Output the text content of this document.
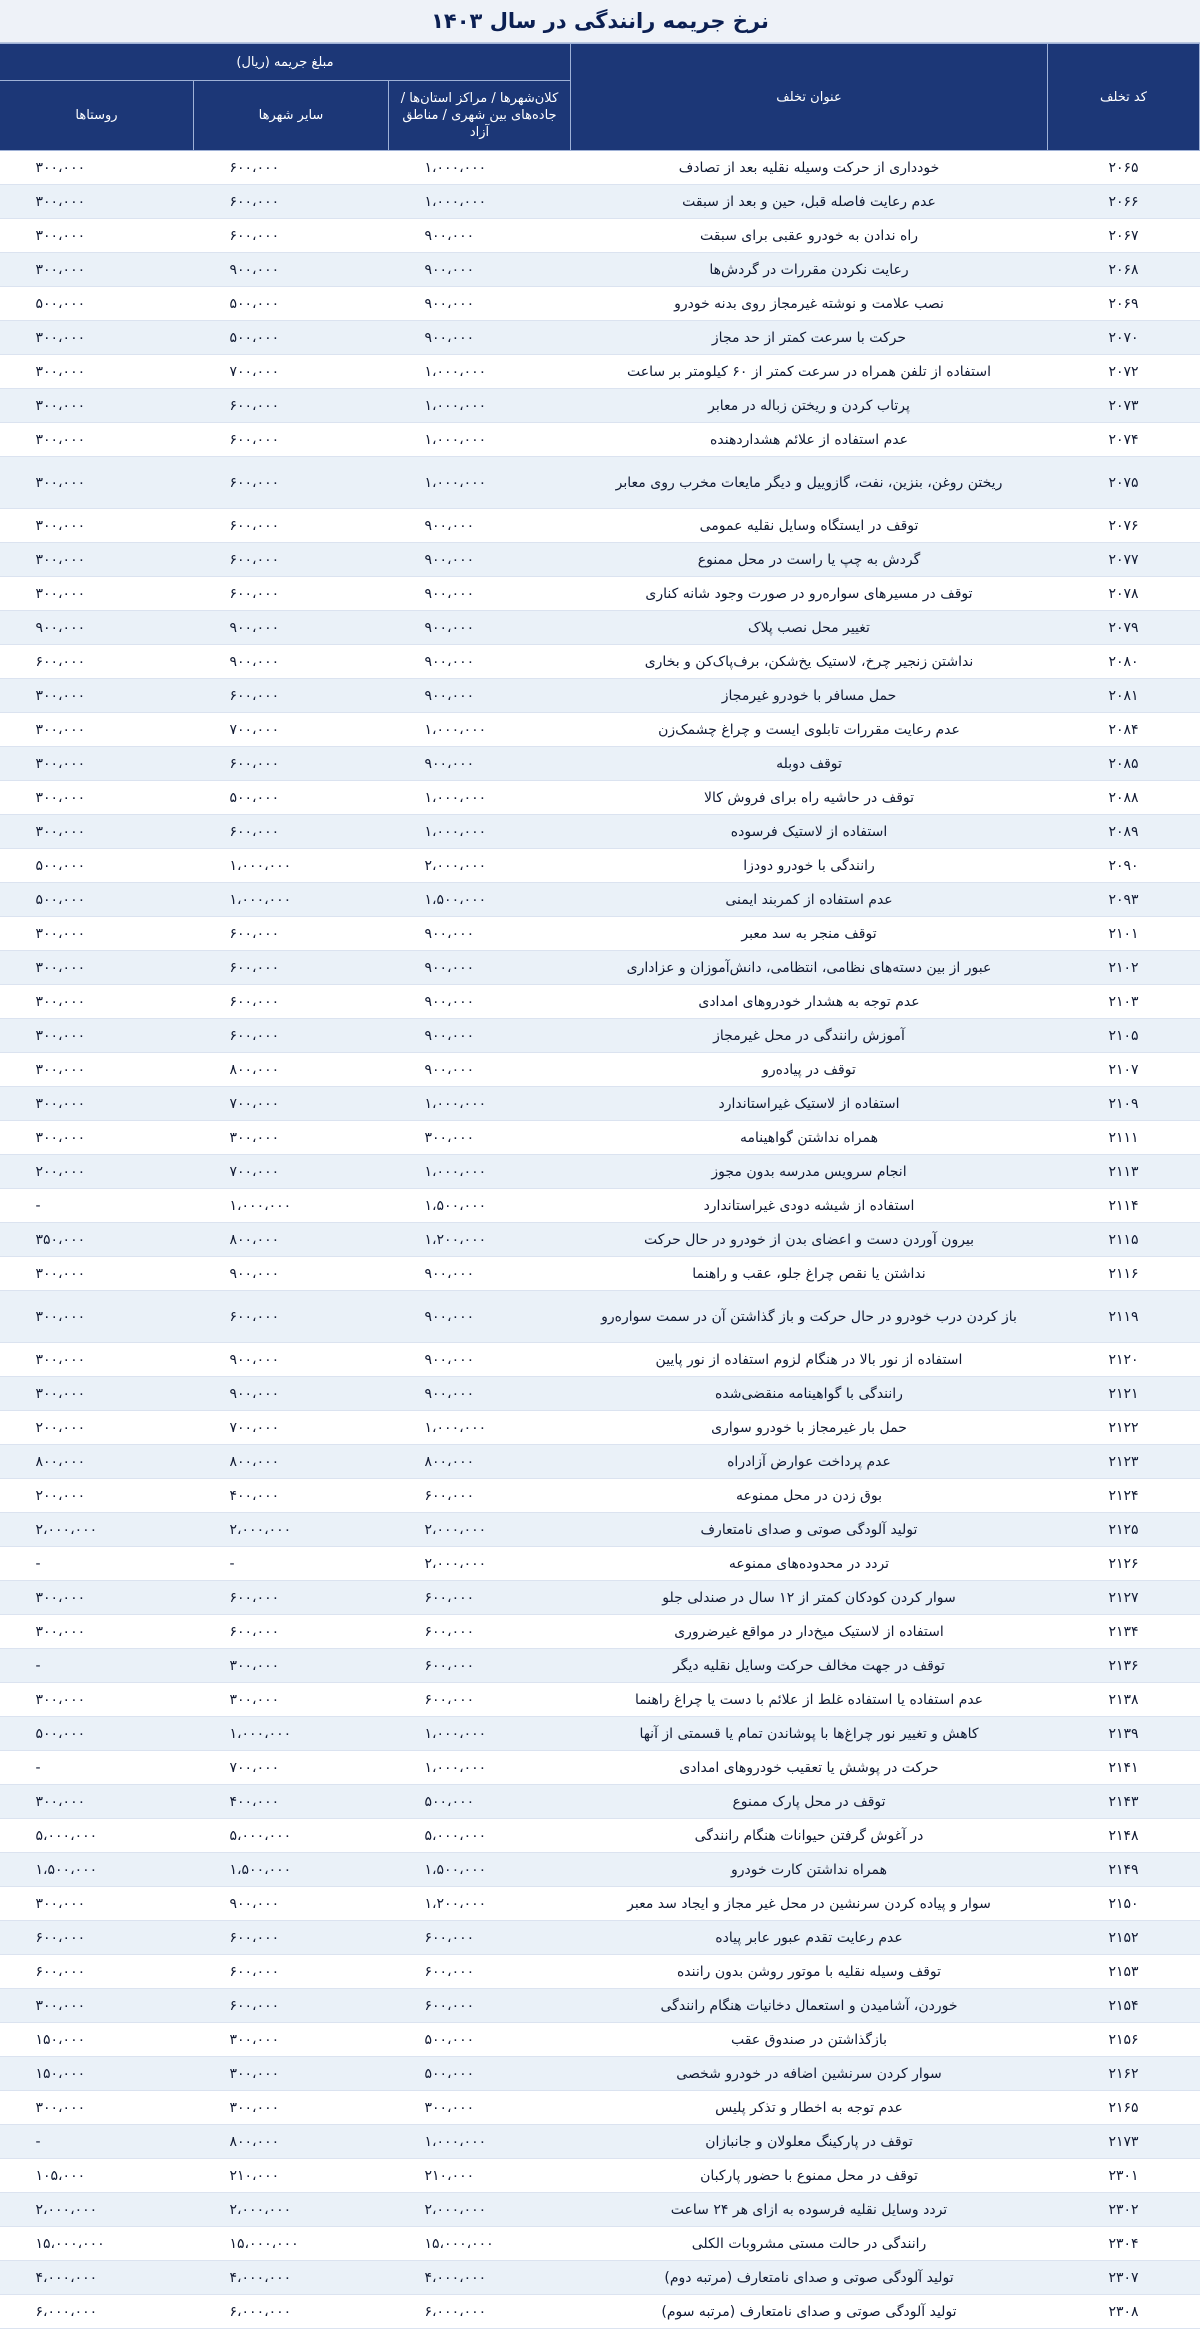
نرخ جریمه رانندگی در سال ۱۴۰۳
کد تخلف	عنوان تخلف	مبلغ جریمه (ریال)		
		کلان‌شهرها / مراکز استان‌ها / جاده‌های بین شهری / مناطق آزاد	سایر شهرها	روستاها
۲۰۶۵	خودداری از حرکت وسیله نقلیه بعد از تصادف	۱،۰۰۰،۰۰۰	۶۰۰،۰۰۰	۳۰۰،۰۰۰
۲۰۶۶	عدم رعایت فاصله قبل، حین و بعد از سبقت	۱،۰۰۰،۰۰۰	۶۰۰،۰۰۰	۳۰۰،۰۰۰
۲۰۶۷	راه ندادن به خودرو عقبی برای سبقت	۹۰۰،۰۰۰	۶۰۰،۰۰۰	۳۰۰،۰۰۰
۲۰۶۸	رعایت نکردن مقررات در گردش‌ها	۹۰۰،۰۰۰	۹۰۰،۰۰۰	۳۰۰،۰۰۰
۲۰۶۹	نصب علامت و نوشته غیرمجاز روی بدنه خودرو	۹۰۰،۰۰۰	۵۰۰،۰۰۰	۵۰۰،۰۰۰
۲۰۷۰	حرکت با سرعت کمتر از حد مجاز	۹۰۰،۰۰۰	۵۰۰،۰۰۰	۳۰۰،۰۰۰
۲۰۷۲	استفاده از تلفن همراه در سرعت کمتر از ۶۰ کیلومتر بر ساعت	۱،۰۰۰،۰۰۰	۷۰۰،۰۰۰	۳۰۰،۰۰۰
۲۰۷۳	پرتاب کردن و ریختن زباله در معابر	۱،۰۰۰،۰۰۰	۶۰۰،۰۰۰	۳۰۰،۰۰۰
۲۰۷۴	عدم استفاده از علائم هشداردهنده	۱،۰۰۰،۰۰۰	۶۰۰،۰۰۰	۳۰۰،۰۰۰
۲۰۷۵	ریختن روغن، بنزین، نفت، گازوییل و دیگر مایعات مخرب روی معابر	۱،۰۰۰،۰۰۰	۶۰۰،۰۰۰	۳۰۰،۰۰۰
۲۰۷۶	توقف در ایستگاه وسایل نقلیه عمومی	۹۰۰،۰۰۰	۶۰۰،۰۰۰	۳۰۰،۰۰۰
۲۰۷۷	گردش به چپ یا راست در محل ممنوع	۹۰۰،۰۰۰	۶۰۰،۰۰۰	۳۰۰،۰۰۰
۲۰۷۸	توقف در مسیرهای سواره‌رو در صورت وجود شانه کناری	۹۰۰،۰۰۰	۶۰۰،۰۰۰	۳۰۰،۰۰۰
۲۰۷۹	تغییر محل نصب پلاک	۹۰۰،۰۰۰	۹۰۰،۰۰۰	۹۰۰،۰۰۰
۲۰۸۰	نداشتن زنجیر چرخ، لاستیک یخ‌شکن، برف‌پاک‌کن و بخاری	۹۰۰،۰۰۰	۹۰۰،۰۰۰	۶۰۰،۰۰۰
۲۰۸۱	حمل مسافر با خودرو غیرمجاز	۹۰۰،۰۰۰	۶۰۰،۰۰۰	۳۰۰،۰۰۰
۲۰۸۴	عدم رعایت مقررات تابلوی ایست و چراغ چشمک‌زن	۱،۰۰۰،۰۰۰	۷۰۰،۰۰۰	۳۰۰،۰۰۰
۲۰۸۵	توقف دوبله	۹۰۰،۰۰۰	۶۰۰،۰۰۰	۳۰۰،۰۰۰
۲۰۸۸	توقف در حاشیه راه برای فروش کالا	۱،۰۰۰،۰۰۰	۵۰۰،۰۰۰	۳۰۰،۰۰۰
۲۰۸۹	استفاده از لاستیک فرسوده	۱،۰۰۰،۰۰۰	۶۰۰،۰۰۰	۳۰۰،۰۰۰
۲۰۹۰	رانندگی با خودرو دودزا	۲،۰۰۰،۰۰۰	۱،۰۰۰،۰۰۰	۵۰۰،۰۰۰
۲۰۹۳	عدم استفاده از کمربند ایمنی	۱،۵۰۰،۰۰۰	۱،۰۰۰،۰۰۰	۵۰۰،۰۰۰
۲۱۰۱	توقف منجر به سد معبر	۹۰۰،۰۰۰	۶۰۰،۰۰۰	۳۰۰،۰۰۰
۲۱۰۲	عبور از بین دسته‌های نظامی، انتظامی، دانش‌آموزان و عزاداری	۹۰۰،۰۰۰	۶۰۰،۰۰۰	۳۰۰،۰۰۰
۲۱۰۳	عدم توجه به هشدار خودروهای امدادی	۹۰۰،۰۰۰	۶۰۰،۰۰۰	۳۰۰،۰۰۰
۲۱۰۵	آموزش رانندگی در محل غیرمجاز	۹۰۰،۰۰۰	۶۰۰،۰۰۰	۳۰۰،۰۰۰
۲۱۰۷	توقف در پیاده‌رو	۹۰۰،۰۰۰	۸۰۰،۰۰۰	۳۰۰،۰۰۰
۲۱۰۹	استفاده از لاستیک غیراستاندارد	۱،۰۰۰،۰۰۰	۷۰۰،۰۰۰	۳۰۰،۰۰۰
۲۱۱۱	همراه نداشتن گواهینامه	۳۰۰،۰۰۰	۳۰۰،۰۰۰	۳۰۰،۰۰۰
۲۱۱۳	انجام سرویس مدرسه بدون مجوز	۱،۰۰۰،۰۰۰	۷۰۰،۰۰۰	۲۰۰،۰۰۰
۲۱۱۴	استفاده از شیشه دودی غیراستاندارد	۱،۵۰۰،۰۰۰	۱،۰۰۰،۰۰۰	-
۲۱۱۵	بیرون آوردن دست و اعضای بدن از خودرو در حال حرکت	۱،۲۰۰،۰۰۰	۸۰۰،۰۰۰	۳۵۰،۰۰۰
۲۱۱۶	نداشتن یا نقص چراغ جلو، عقب و راهنما	۹۰۰،۰۰۰	۹۰۰،۰۰۰	۳۰۰،۰۰۰
۲۱۱۹	باز کردن درب خودرو در حال حرکت و باز گذاشتن آن در سمت سواره‌رو	۹۰۰،۰۰۰	۶۰۰،۰۰۰	۳۰۰،۰۰۰
۲۱۲۰	استفاده از نور بالا در هنگام لزوم استفاده از نور پایین	۹۰۰،۰۰۰	۹۰۰،۰۰۰	۳۰۰،۰۰۰
۲۱۲۱	رانندگی با گواهینامه منقضی‌شده	۹۰۰،۰۰۰	۹۰۰،۰۰۰	۳۰۰،۰۰۰
۲۱۲۲	حمل بار غیرمجاز با خودرو سواری	۱،۰۰۰،۰۰۰	۷۰۰،۰۰۰	۲۰۰،۰۰۰
۲۱۲۳	عدم پرداخت عوارض آزادراه	۸۰۰،۰۰۰	۸۰۰،۰۰۰	۸۰۰،۰۰۰
۲۱۲۴	بوق زدن در محل ممنوعه	۶۰۰،۰۰۰	۴۰۰،۰۰۰	۲۰۰،۰۰۰
۲۱۲۵	تولید آلودگی صوتی و صدای نامتعارف	۲،۰۰۰،۰۰۰	۲،۰۰۰،۰۰۰	۲،۰۰۰،۰۰۰
۲۱۲۶	تردد در محدوده‌های ممنوعه	۲،۰۰۰،۰۰۰	-	-
۲۱۲۷	سوار کردن کودکان کمتر از ۱۲ سال در صندلی جلو	۶۰۰،۰۰۰	۶۰۰،۰۰۰	۳۰۰،۰۰۰
۲۱۳۴	استفاده از لاستیک میخ‌دار در مواقع غیرضروری	۶۰۰،۰۰۰	۶۰۰،۰۰۰	۳۰۰،۰۰۰
۲۱۳۶	توقف در جهت مخالف حرکت وسایل نقلیه دیگر	۶۰۰،۰۰۰	۳۰۰،۰۰۰	-
۲۱۳۸	عدم استفاده یا استفاده غلط از علائم با دست یا چراغ راهنما	۶۰۰،۰۰۰	۳۰۰،۰۰۰	۳۰۰،۰۰۰
۲۱۳۹	کاهش و تغییر نور چراغ‌ها با پوشاندن تمام یا قسمتی از آنها	۱،۰۰۰،۰۰۰	۱،۰۰۰،۰۰۰	۵۰۰،۰۰۰
۲۱۴۱	حرکت در پوشش یا تعقیب خودروهای امدادی	۱،۰۰۰،۰۰۰	۷۰۰،۰۰۰	-
۲۱۴۳	توقف در محل پارک ممنوع	۵۰۰،۰۰۰	۴۰۰،۰۰۰	۳۰۰،۰۰۰
۲۱۴۸	در آغوش گرفتن حیوانات هنگام رانندگی	۵،۰۰۰،۰۰۰	۵،۰۰۰،۰۰۰	۵،۰۰۰،۰۰۰
۲۱۴۹	همراه نداشتن کارت خودرو	۱،۵۰۰،۰۰۰	۱،۵۰۰،۰۰۰	۱،۵۰۰،۰۰۰
۲۱۵۰	سوار و پیاده کردن سرنشین در محل غیر مجاز و ایجاد سد معبر	۱،۲۰۰،۰۰۰	۹۰۰،۰۰۰	۳۰۰،۰۰۰
۲۱۵۲	عدم رعایت تقدم عبور عابر پیاده	۶۰۰،۰۰۰	۶۰۰،۰۰۰	۶۰۰،۰۰۰
۲۱۵۳	توقف وسیله نقلیه با موتور روشن بدون راننده	۶۰۰،۰۰۰	۶۰۰،۰۰۰	۶۰۰،۰۰۰
۲۱۵۴	خوردن، آشامیدن و استعمال دخانیات هنگام رانندگی	۶۰۰،۰۰۰	۶۰۰،۰۰۰	۳۰۰،۰۰۰
۲۱۵۶	بازگذاشتن در صندوق عقب	۵۰۰،۰۰۰	۳۰۰،۰۰۰	۱۵۰،۰۰۰
۲۱۶۲	سوار کردن سرنشین اضافه در خودرو شخصی	۵۰۰،۰۰۰	۳۰۰،۰۰۰	۱۵۰،۰۰۰
۲۱۶۵	عدم توجه به اخطار و تذکر پلیس	۳۰۰،۰۰۰	۳۰۰،۰۰۰	۳۰۰،۰۰۰
۲۱۷۳	توقف در پارکینگ معلولان و جانبازان	۱،۰۰۰،۰۰۰	۸۰۰،۰۰۰	-
۲۳۰۱	توقف در محل ممنوع با حضور پارکبان	۲۱۰،۰۰۰	۲۱۰،۰۰۰	۱۰۵،۰۰۰
۲۳۰۲	تردد وسایل نقلیه فرسوده به ازای هر ۲۴ ساعت	۲،۰۰۰،۰۰۰	۲،۰۰۰،۰۰۰	۲،۰۰۰،۰۰۰
۲۳۰۴	رانندگی در حالت مستی مشروبات الکلی	۱۵،۰۰۰،۰۰۰	۱۵،۰۰۰،۰۰۰	۱۵،۰۰۰،۰۰۰
۲۳۰۷	تولید آلودگی صوتی و صدای نامتعارف (مرتبه دوم)	۴،۰۰۰،۰۰۰	۴،۰۰۰،۰۰۰	۴،۰۰۰،۰۰۰
۲۳۰۸	تولید آلودگی صوتی و صدای نامتعارف (مرتبه سوم)	۶،۰۰۰،۰۰۰	۶،۰۰۰،۰۰۰	۶،۰۰۰،۰۰۰
